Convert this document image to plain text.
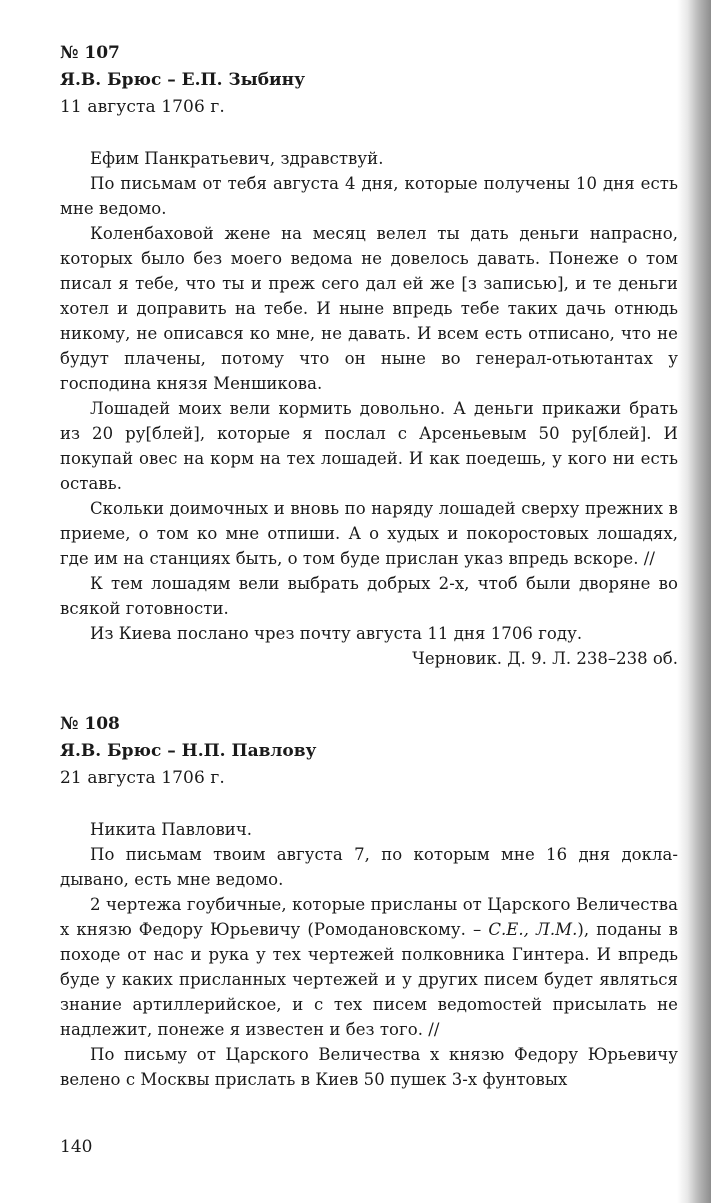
№ 107
Я.В. Брюс – Е.П. Зыбину
11 августа 1706 г.

Ефим Панкратьевич, здравствуй.

По письмам от тебя августа 4 дня, которые получены 10 дня есть мне ведомо.

Коленбаховой жене на месяц велел ты дать деньги напрасно, которых было без моего ведома не довелось давать. Понеже о том писал я тебе, что ты и преж сего дал ей же [з записью], и те деньги хотел и доправить на тебе. И ныне впредь тебе таких дачь отнюдь никому, не описався ко мне, не давать. И всем есть отписано, что не будут плачены, потому что он ныне во генерал-отьютантах у господина князя Меншикова.

Лошадей моих вели кормить довольно. А деньги прикажи брать из 20 ру[блей], которые я послал с Арсеньевым 50 ру[блей]. И покупай овес на корм на тех лошадей. И как поедешь, у кого ни есть оставь.

Скольки доимочных и вновь по наряду лошадей сверху прежних в приеме, о том ко мне отпиши. А о худых и покоростовых лошадях, где им на станциях быть, о том буде прислан указ впредь вскоре. //

К тем лошадям вели выбрать добрых 2-х, чтоб были дворяне во всякой готовности.

Из Киева послано чрез почту августа 11 дня 1706 году.

Черновик. Д. 9. Л. 238–238 об.
№ 108
Я.В. Брюс – Н.П. Павлову
21 августа 1706 г.

Никита Павлович.

По письмам твоим августа 7, по которым мне 16 дня докладывано, есть мне ведомо.

2 чертежа гоубичные, которые присланы от Царского Величества х князю Федору Юрьевичу (Ромодановскому. – С.Е., Л.М.), поданы в походе от нас и рука у тех чертежей полковника Гинтера. И впредь буде у каких присланных чертежей и у других писем будет являться знание артиллерийское, и с тех писем ведоmостей присылать не надлежит, понеже я известен и без того. //

По письму от Царского Величества х князю Федору Юрьевичу велено с Москвы прислать в Киев 50 пушек 3-х фунтовых

140
